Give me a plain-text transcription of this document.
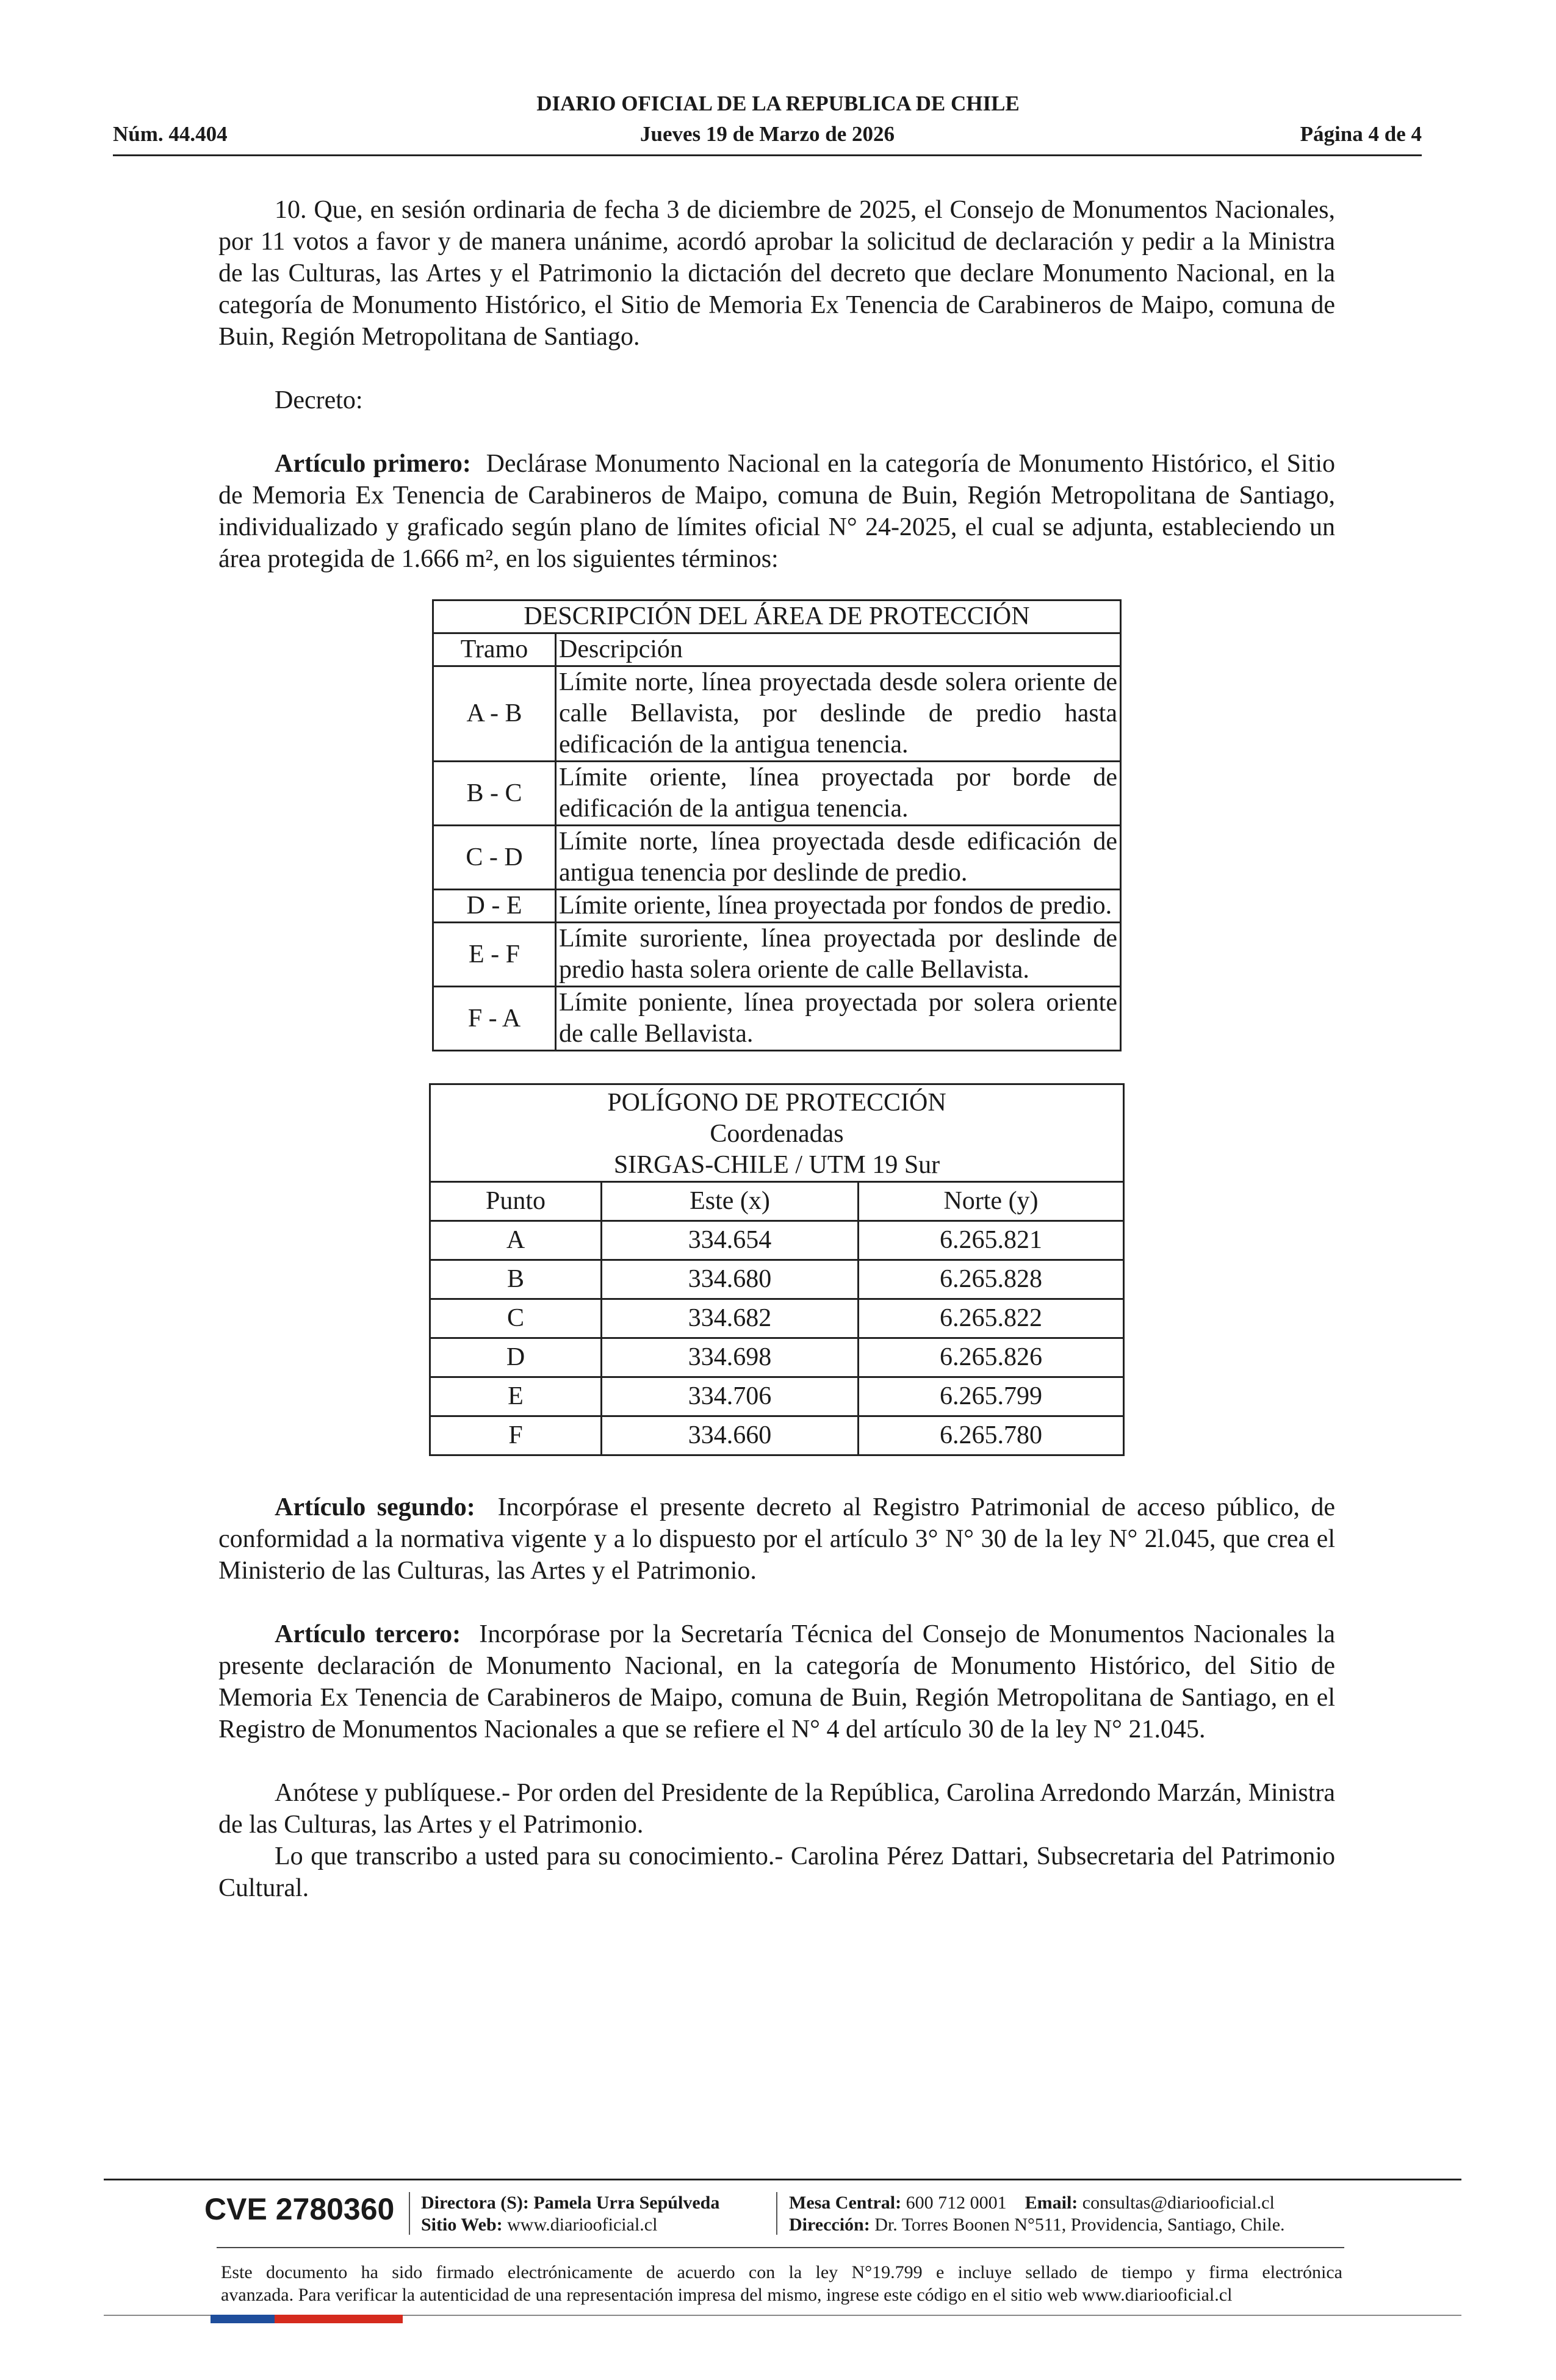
DIARIO OFICIAL DE LA REPUBLICA DE CHILE
Jueves 19 de Marzo de 2026
Núm. 44.404	Página 4 de 4

10. Que, en sesión ordinaria de fecha 3 de diciembre de 2025, el Consejo de Monumentos Nacionales, por 11 votos a favor y de manera unánime, acordó aprobar la solicitud de declaración y pedir a la Ministra de las Culturas, las Artes y el Patrimonio la dictación del decreto que declare Monumento Nacional, en la categoría de Monumento Histórico, el Sitio de Memoria Ex Tenencia de Carabineros de Maipo, comuna de Buin, Región Metropolitana de Santiago.

Decreto:

Artículo primero: Declárase Monumento Nacional en la categoría de Monumento Histórico, el Sitio de Memoria Ex Tenencia de Carabineros de Maipo, comuna de Buin, Región Metropolitana de Santiago, individualizado y graficado según plano de límites oficial N° 24-2025, el cual se adjunta, estableciendo un área protegida de 1.666 m², en los siguientes términos:

DESCRIPCIÓN DEL ÁREA DE PROTECCIÓN	
Tramo	Descripción
A - B	Límite norte, línea proyectada desde solera oriente de calle Bellavista, por deslinde de predio hasta edificación de la antigua tenencia.
B - C	Límite oriente, línea proyectada por borde de edificación de la antigua tenencia.
C - D	Límite norte, línea proyectada desde edificación de antigua tenencia por deslinde de predio.
D - E	Límite oriente, línea proyectada por fondos de predio.
E - F	Límite suroriente, línea proyectada por deslinde de predio hasta solera oriente de calle Bellavista.
F - A	Límite poniente, línea proyectada por solera oriente de calle Bellavista.
POLÍGONO DE PROTECCIÓN
Coordenadas
SIRGAS-CHILE / UTM 19 Sur		

Punto	Este (x)	Norte (y)
A	334.654	6.265.821
B	334.680	6.265.828
C	334.682	6.265.822
D	334.698	6.265.826
E	334.706	6.265.799
F	334.660	6.265.780

Artículo segundo: Incorpórase el presente decreto al Registro Patrimonial de acceso público, de conformidad a la normativa vigente y a lo dispuesto por el artículo 3° N° 30 de la ley N° 2l.045, que crea el Ministerio de las Culturas, las Artes y el Patrimonio.

Artículo tercero: Incorpórase por la Secretaría Técnica del Consejo de Monumentos Nacionales la presente declaración de Monumento Nacional, en la categoría de Monumento Histórico, del Sitio de Memoria Ex Tenencia de Carabineros de Maipo, comuna de Buin, Región Metropolitana de Santiago, en el Registro de Monumentos Nacionales a que se refiere el N° 4 del artículo 30 de la ley N° 21.045.

Anótese y publíquese.- Por orden del Presidente de la República, Carolina Arredondo Marzán, Ministra de las Culturas, las Artes y el Patrimonio.

Lo que transcribo a usted para su conocimiento.- Carolina Pérez Dattari, Subsecretaria del Patrimonio Cultural.

CVE 2780360 Directora (S): Pamela Urra Sepúlveda
Sitio Web: www.diariooficial.cl
Mesa Central: 600 712 0001 Email: consultas@diariooficial.cl
Dirección: Dr. Torres Boonen N°511, Providencia, Santiago, Chile.
Este documento ha sido firmado electrónicamente de acuerdo con la ley N°19.799 e incluye sellado de tiempo y firma electrónica
avanzada. Para verificar la autenticidad de una representación impresa del mismo, ingrese este código en el sitio web www.diariooficial.cl
